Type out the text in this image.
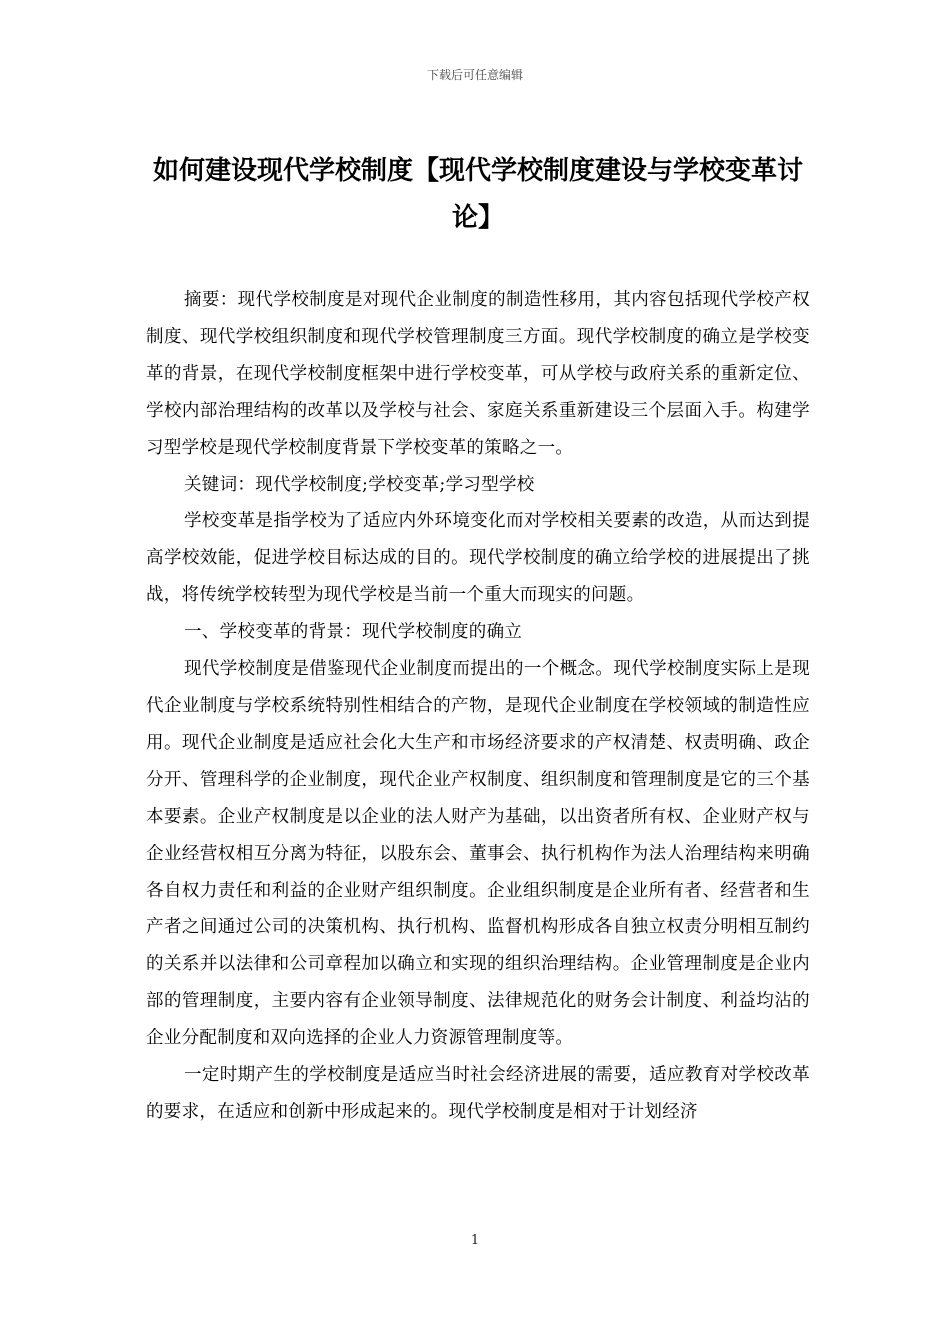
下载后可任意编辑
如何建设现代学校制度【现代学校制度建设与学校变革讨
论】

摘要：现代学校制度是对现代企业制度的制造性移用，其内容包括现代学校产权制度、现代学校组织制度和现代学校管理制度三方面。现代学校制度的确立是学校变革的背景，在现代学校制度框架中进行学校变革，可从学校与政府关系的重新定位、学校内部治理结构的改革以及学校与社会、家庭关系重新建设三个层面入手。构建学习型学校是现代学校制度背景下学校变革的策略之一。

关键词：现代学校制度;学校变革;学习型学校

学校变革是指学校为了适应内外环境变化而对学校相关要素的改造，从而达到提高学校效能，促进学校目标达成的目的。现代学校制度的确立给学校的进展提出了挑战，将传统学校转型为现代学校是当前一个重大而现实的问题。

一、学校变革的背景：现代学校制度的确立

现代学校制度是借鉴现代企业制度而提出的一个概念。现代学校制度实际上是现代企业制度与学校系统特别性相结合的产物，是现代企业制度在学校领域的制造性应用。现代企业制度是适应社会化大生产和市场经济要求的产权清楚、权责明确、政企分开、管理科学的企业制度，现代企业产权制度、组织制度和管理制度是它的三个基本要素。企业产权制度是以企业的法人财产为基础，以出资者所有权、企业财产权与企业经营权相互分离为特征，以股东会、董事会、执行机构作为法人治理结构来明确各自权力责任和利益的企业财产组织制度。企业组织制度是企业所有者、经营者和生产者之间通过公司的决策机构、执行机构、监督机构形成各自独立权责分明相互制约的关系并以法律和公司章程加以确立和实现的组织治理结构。企业管理制度是企业内部的管理制度，主要内容有企业领导制度、法律规范化的财务会计制度、利益均沾的企业分配制度和双向选择的企业人力资源管理制度等。

一定时期产生的学校制度是适应当时社会经济进展的需要，适应教育对学校改革的要求，在适应和创新中形成起来的。现代学校制度是相对于计划经济

1
